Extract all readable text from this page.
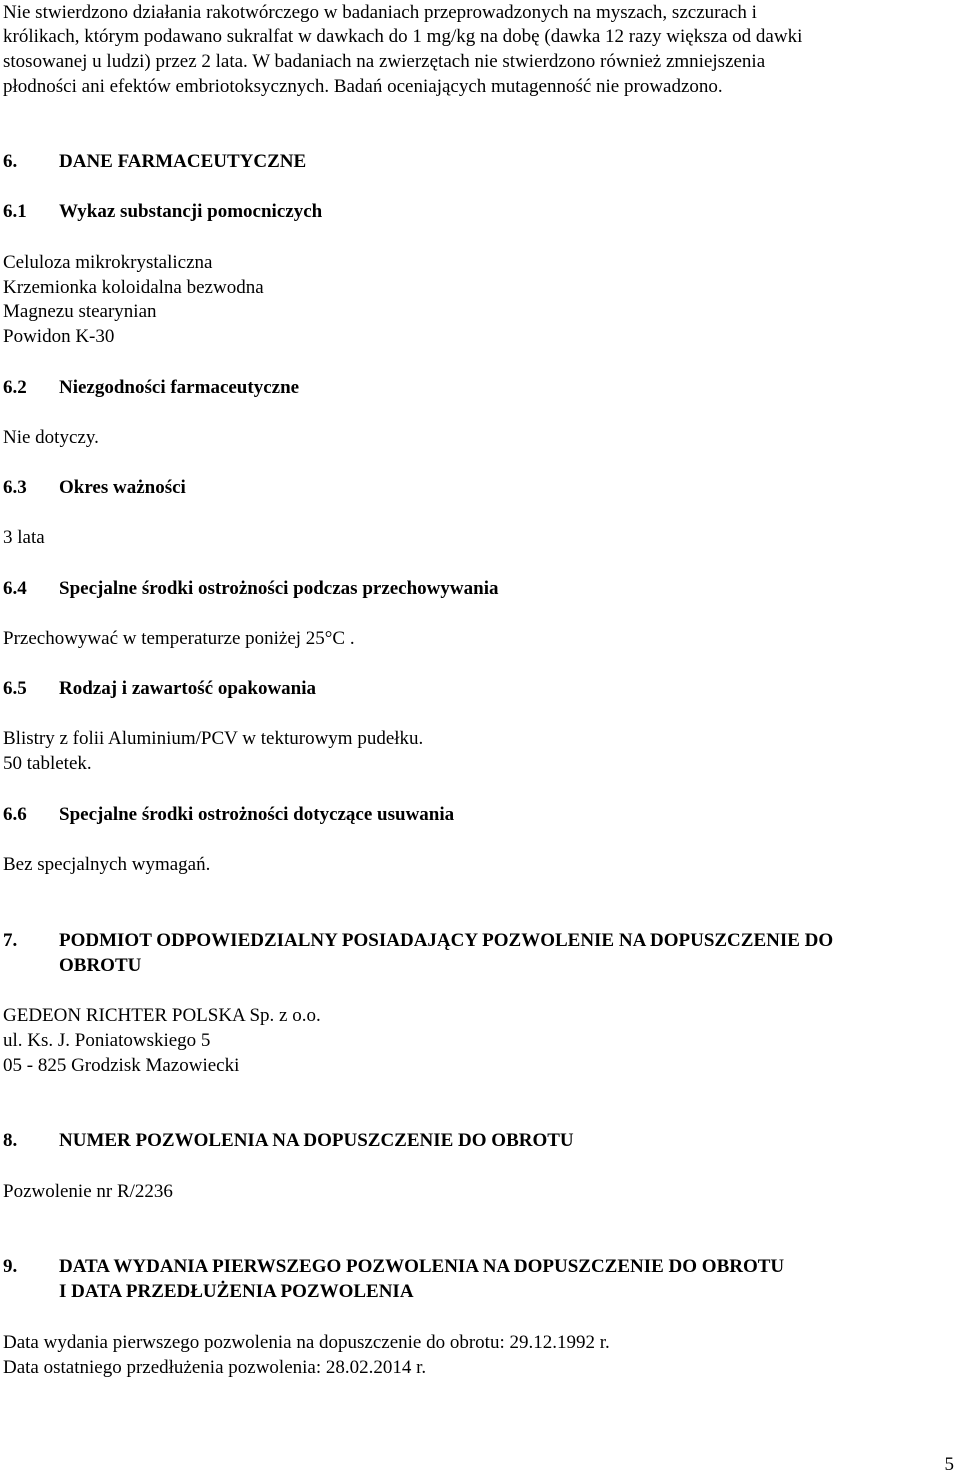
Nie stwierdzono działania rakotwórczego w badaniach przeprowadzonych na myszach, szczurach i
królikach, którym podawano sukralfat w dawkach do 1 mg/kg na dobę (dawka 12 razy większa od dawki
stosowanej u ludzi) przez 2 lata. W badaniach na zwierzętach nie stwierdzono również zmniejszenia
płodności ani efektów embriotoksycznych. Badań oceniających mutagenność nie prowadzono.
6. DANE FARMACEUTYCZNE
6.1 Wykaz substancji pomocniczych
Celuloza mikrokrystaliczna
Krzemionka koloidalna bezwodna
Magnezu stearynian
Powidon K-30
6.2 Niezgodności farmaceutyczne
Nie dotyczy.
6.3 Okres ważności
3 lata
6.4 Specjalne środki ostrożności podczas przechowywania
Przechowywać w temperaturze poniżej 25°C .
6.5 Rodzaj i zawartość opakowania
Blistry z folii Aluminium/PCV w tekturowym pudełku.
50 tabletek.
6.6 Specjalne środki ostrożności dotyczące usuwania
Bez specjalnych wymagań.
7. PODMIOT ODPOWIEDZIALNY POSIADAJĄCY POZWOLENIE NA DOPUSZCZENIE DO
OBROTU
GEDEON RICHTER POLSKA Sp. z o.o.
ul. Ks. J. Poniatowskiego 5
05 - 825 Grodzisk Mazowiecki
8. NUMER POZWOLENIA NA DOPUSZCZENIE DO OBROTU
Pozwolenie nr R/2236
9. DATA WYDANIA PIERWSZEGO POZWOLENIA NA DOPUSZCZENIE DO OBROTU
I DATA PRZEDŁUŻENIA POZWOLENIA
Data wydania pierwszego pozwolenia na dopuszczenie do obrotu: 29.12.1992 r.
Data ostatniego przedłużenia pozwolenia: 28.02.2014 r.
5
